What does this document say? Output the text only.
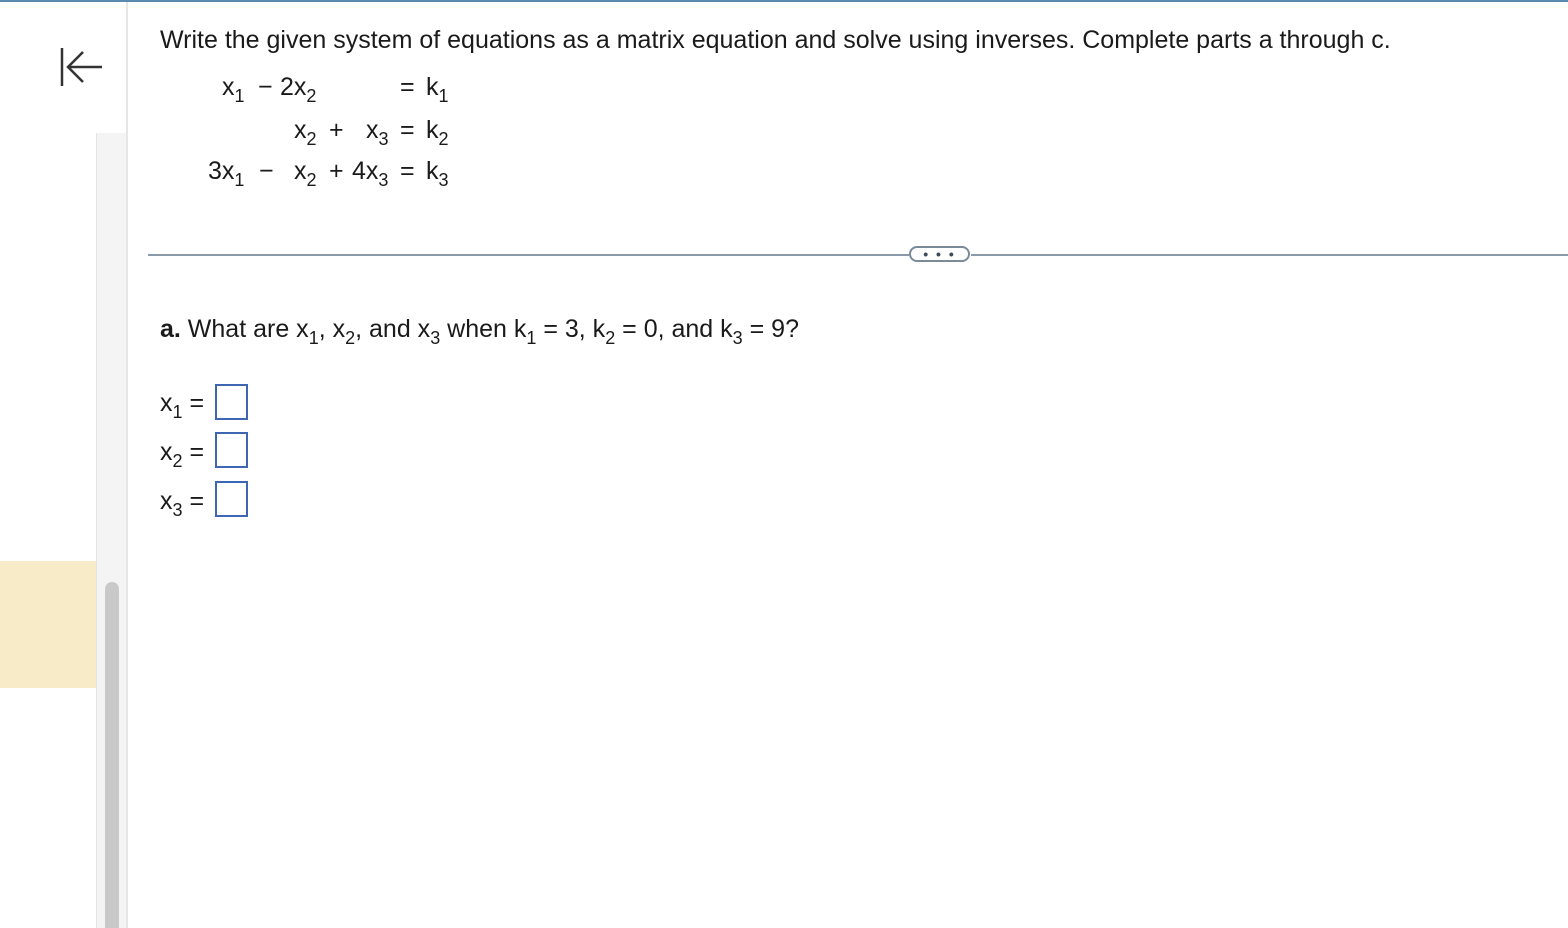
Write the given system of equations as a matrix equation and solve using inverses. Complete parts a through c.
$x_1 - 2x_2$	= $k_1$
$x_2 + x_3 = k_2$
$3x_1 - x_2 + 4x_3 = k_3$
• • •
a. What are $x_1$, $x_2$, and $x_3$ when $k_1 = 3$, $k_2 = 0$, and $k_3 = 9$?
$x_1$ =
$x_2$ =
$x_3$ =
